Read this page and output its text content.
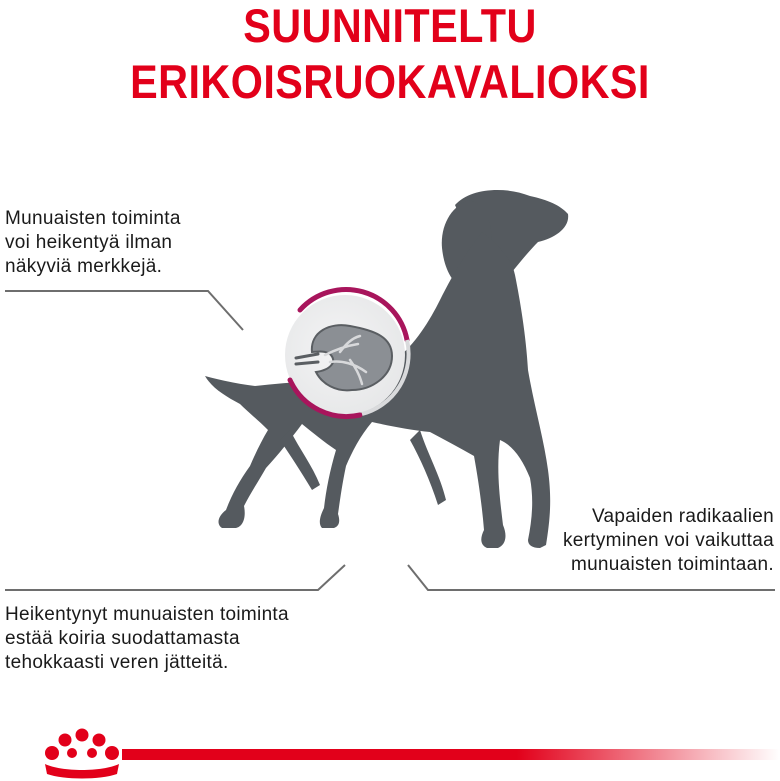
SUUNNITELTU
ERIKOISRUOKAVALIOKSI

Munuaisten toiminta
voi heikentyä ilman
näkyviä merkkejä.

Vapaiden radikaalien
kertyminen voi vaikuttaa
munuaisten toimintaan.

Heikentynyt munuaisten toiminta
estää koiria suodattamasta
tehokkaasti veren jätteitä.
